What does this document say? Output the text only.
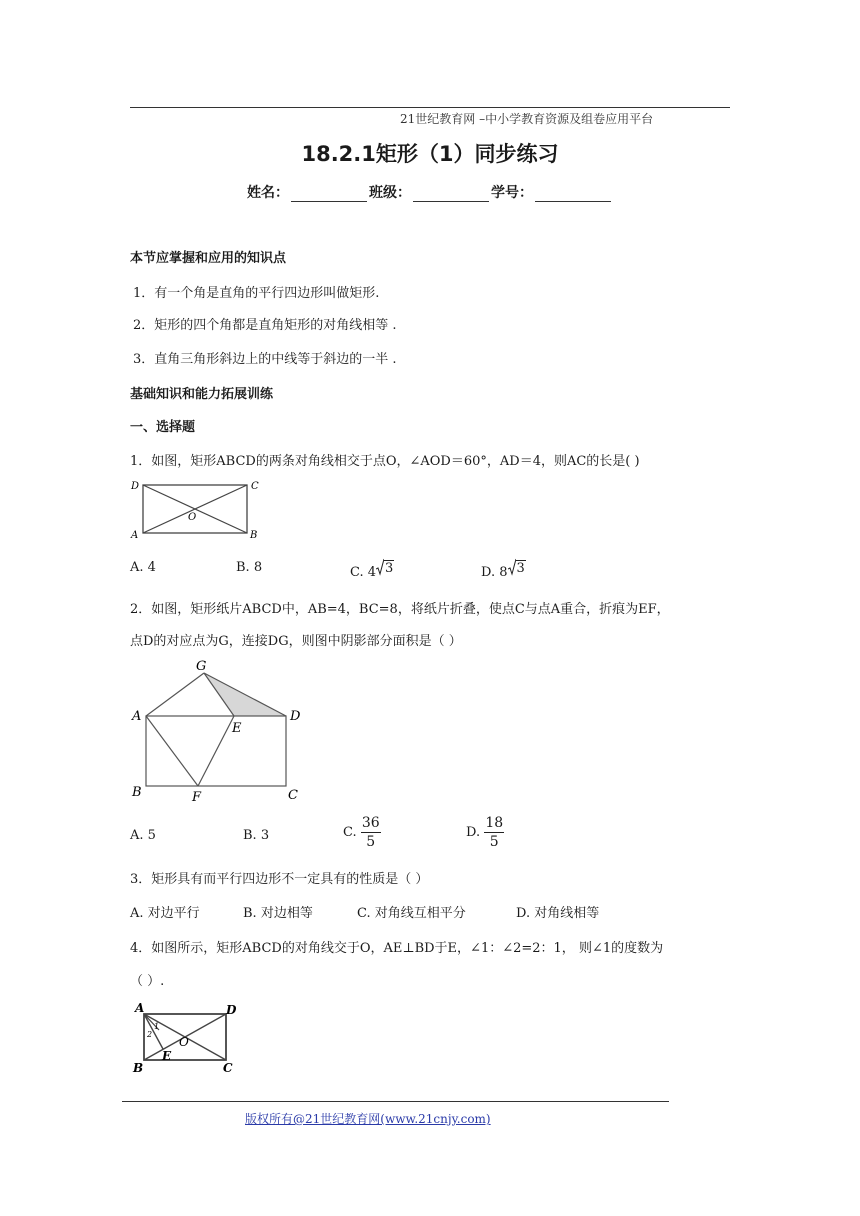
21世纪教育网 –中小学教育资源及组卷应用平台
18.2.1矩形（1）同步练习
姓名：	班级：	学号：
本节应掌握和应用的知识点
1．有一个角是直角的平行四边形叫做矩形.
2．矩形的四个角都是直角矩形的对角线相等 .
3．直角三角形斜边上的中线等于斜边的一半 .
基础知识和能力拓展训练
一、选择题
1．如图，矩形ABCD的两条对角线相交于点O，∠AOD＝60°，AD＝4，则AC的长是( )
D	C
O
A	B
A. 4	B. 8	C. 4 3	D. 8 3
2．如图，矩形纸片ABCD中，AB=4，BC=8，将纸片折叠，使点C与点A重合，折痕为EF，
点D的对应点为G，连接DG，则图中阴影部分面积是（ ）
G
A
E
D
B	F	C
A. 5	B. 3	C. $\frac{36}{5}$	D. $\frac{18}{5}$
3．矩形具有而平行四边形不一定具有的性质是（ ）
A. 对边平行	B. 对边相等	C. 对角线互相平分	D. 对角线相等
4．如图所示，矩形ABCD的对角线交于O，AE⊥BD于E，∠1：∠2=2：1， 则∠1的度数为
（ ）.
A	D
1
2
O
E
B	C
版权所有@21世纪教育网(www.21cnjy.com)
